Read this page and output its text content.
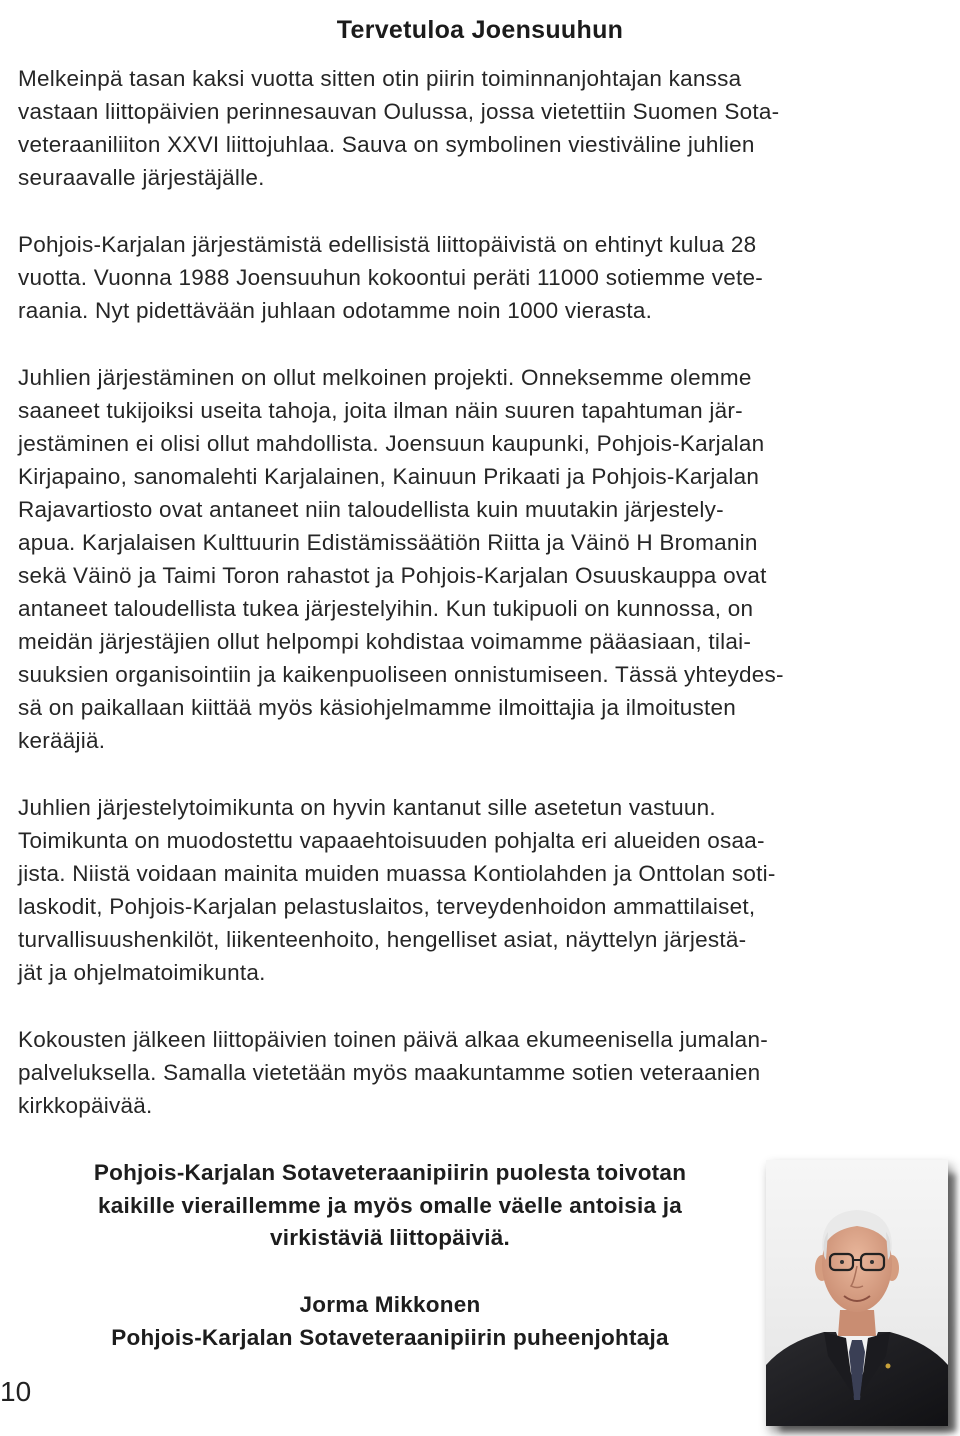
Tervetuloa Joensuuhun

Melkeinpä tasan kaksi vuotta sitten otin piirin toiminnanjohtajan kanssa
vastaan liittopäivien perinnesauvan Oulussa, jossa vietettiin Suomen Sota-
veteraaniliiton XXVI liittojuhlaa. Sauva on symbolinen viestiväline juhlien
seuraavalle järjestäjälle.

Pohjois-Karjalan järjestämistä edellisistä liittopäivistä on ehtinyt kulua 28
vuotta. Vuonna 1988 Joensuuhun kokoontui peräti 11000 sotiemme vete-
raania. Nyt pidettävään juhlaan odotamme noin 1000 vierasta.

Juhlien järjestäminen on ollut melkoinen projekti. Onneksemme olemme
saaneet tukijoiksi useita tahoja, joita ilman näin suuren tapahtuman jär-
jestäminen ei olisi ollut mahdollista. Joensuun kaupunki, Pohjois-Karjalan
Kirjapaino, sanomalehti Karjalainen, Kainuun Prikaati ja Pohjois-Karjalan
Rajavartiosto ovat antaneet niin taloudellista kuin muutakin järjestely-
apua. Karjalaisen Kulttuurin Edistämissäätiön Riitta ja Väinö H Bromanin
sekä Väinö ja Taimi Toron rahastot ja Pohjois-Karjalan Osuuskauppa ovat
antaneet taloudellista tukea järjestelyihin. Kun tukipuoli on kunnossa, on
meidän järjestäjien ollut helpompi kohdistaa voimamme pääasiaan, tilai-
suuksien organisointiin ja kaikenpuoliseen onnistumiseen. Tässä yhteydes-
sä on paikallaan kiittää myös käsiohjelmamme ilmoittajia ja ilmoitusten
kerääjiä.

Juhlien järjestelytoimikunta on hyvin kantanut sille asetetun vastuun.
Toimikunta on muodostettu vapaaehtoisuuden pohjalta eri alueiden osaa-
jista. Niistä voidaan mainita muiden muassa Kontiolahden ja Onttolan soti-
laskodit, Pohjois-Karjalan pelastuslaitos, terveydenhoidon ammattilaiset,
turvallisuushenkilöt, liikenteenhoito, hengelliset asiat, näyttelyn järjestä-
jät ja ohjelmatoimikunta.

Kokousten jälkeen liittopäivien toinen päivä alkaa ekumeenisella jumalan-
palveluksella. Samalla vietetään myös maakuntamme sotien veteraanien
kirkkopäivää.

Pohjois-Karjalan Sotaveteraanipiirin puolesta toivotan
kaikille vieraillemme ja myös omalle väelle antoisia ja
virkistäviä liittopäiviä.
Jorma Mikkonen
Pohjois-Karjalan Sotaveteraanipiirin puheenjohtaja
10
